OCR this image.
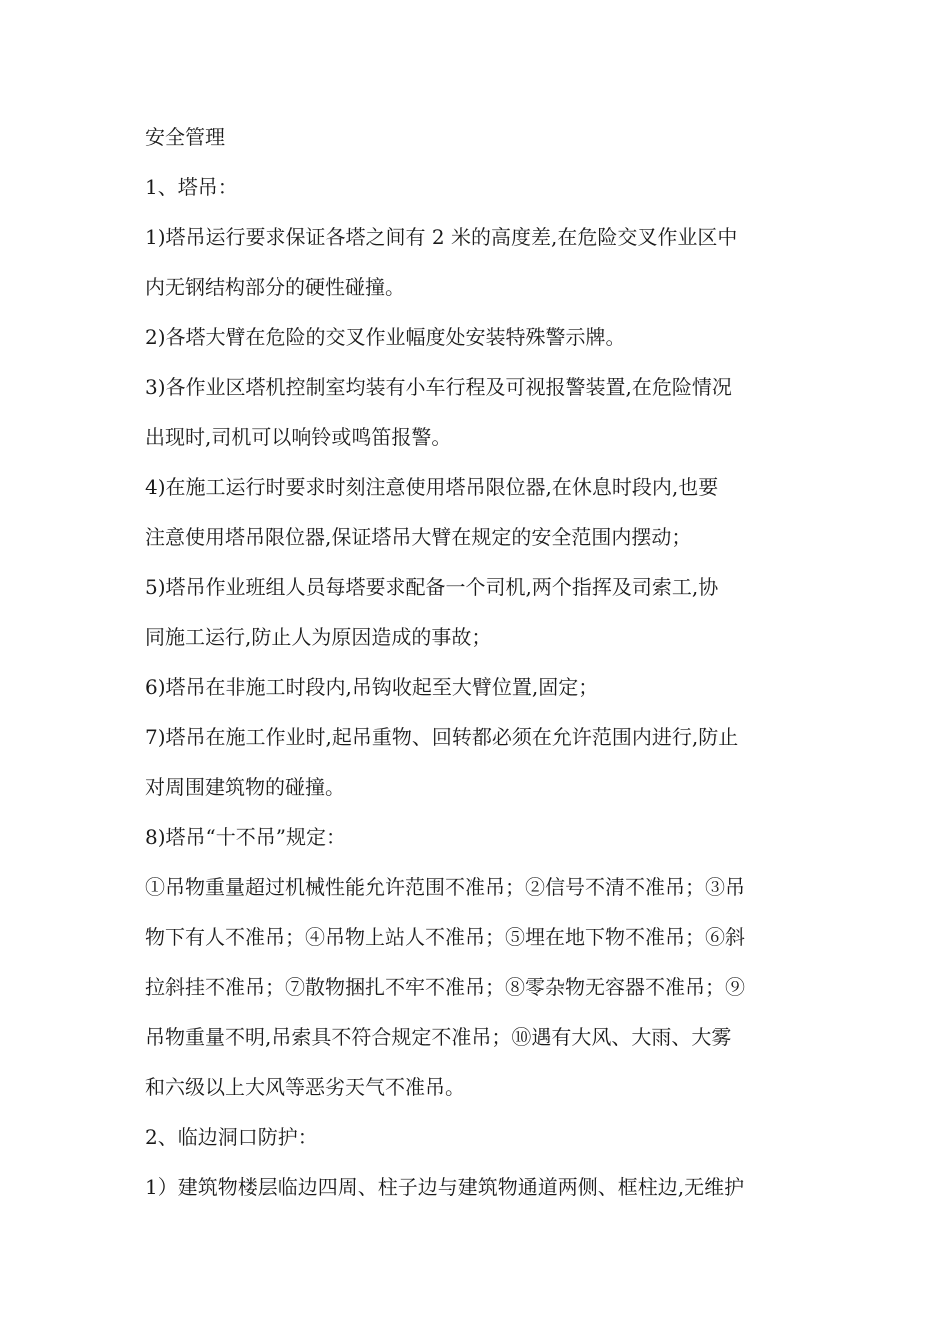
安全管理
1、塔吊：
1)塔吊运行要求保证各塔之间有 2 米的高度差,在危险交叉作业区中
内无钢结构部分的硬性碰撞。
2)各塔大臂在危险的交叉作业幅度处安装特殊警示牌。
3)各作业区塔机控制室均装有小车行程及可视报警装置,在危险情况
出现时,司机可以响铃或鸣笛报警。
4)在施工运行时要求时刻注意使用塔吊限位器,在休息时段内,也要
注意使用塔吊限位器,保证塔吊大臂在规定的安全范围内摆动；
5)塔吊作业班组人员每塔要求配备一个司机,两个指挥及司索工,协
同施工运行,防止人为原因造成的事故；
6)塔吊在非施工时段内,吊钩收起至大臂位置,固定；
7)塔吊在施工作业时,起吊重物、回转都必须在允许范围内进行,防止
对周围建筑物的碰撞。
8)塔吊“十不吊”规定：
①吊物重量超过机械性能允许范围不准吊；②信号不清不准吊；③吊
物下有人不准吊；④吊物上站人不准吊；⑤埋在地下物不准吊；⑥斜
拉斜挂不准吊；⑦散物捆扎不牢不准吊；⑧零杂物无容器不准吊；⑨
吊物重量不明,吊索具不符合规定不准吊；⑩遇有大风、大雨、大雾
和六级以上大风等恶劣天气不准吊。
2、临边洞口防护：
1）建筑物楼层临边四周、柱子边与建筑物通道两侧、框柱边,无维护
